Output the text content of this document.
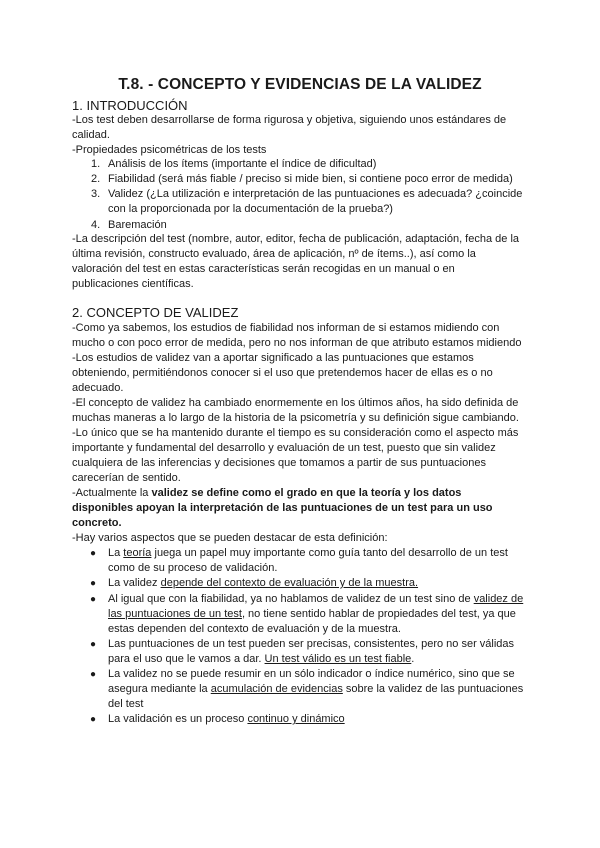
T.8. - CONCEPTO Y EVIDENCIAS DE LA VALIDEZ
1. INTRODUCCIÓN
-Los test deben desarrollarse de forma rigurosa y objetiva, siguiendo unos estándares de
calidad.
-Propiedades psicométricas de los tests
1. Análisis de los ítems (importante el índice de dificultad)
2. Fiabilidad (será más fiable / preciso si mide bien, si contiene poco error de medida)
3. Validez (¿La utilización e interpretación de las puntuaciones es adecuada? ¿coincide
con la proporcionada por la documentación de la prueba?)
4. Baremación
-La descripción del test (nombre, autor, editor, fecha de publicación, adaptación, fecha de la
última revisión, constructo evaluado, área de aplicación, nº de ítems..), así como la
valoración del test en estas características serán recogidas en un manual o en
publicaciones científicas.
2. CONCEPTO DE VALIDEZ
-Como ya sabemos, los estudios de fiabilidad nos informan de si estamos midiendo con
mucho o con poco error de medida, pero no nos informan de que atributo estamos midiendo
-Los estudios de validez van a aportar significado a las puntuaciones que estamos
obteniendo, permitiéndonos conocer si el uso que pretendemos hacer de ellas es o no
adecuado.
-El concepto de validez ha cambiado enormemente en los últimos años, ha sido definida de
muchas maneras a lo largo de la historia de la psicometría y su definición sigue cambiando.
-Lo único que se ha mantenido durante el tiempo es su consideración como el aspecto más
importante y fundamental del desarrollo y evaluación de un test, puesto que sin validez
cualquiera de las inferencias y decisiones que tomamos a partir de sus puntuaciones
carecerían de sentido.
-Actualmente la validez se define como el grado en que la teoría y los datos
disponibles apoyan la interpretación de las puntuaciones de un test para un uso
concreto.
-Hay varios aspectos que se pueden destacar de esta definición:
● La teoría juega un papel muy importante como guía tanto del desarrollo de un test
como de su proceso de validación.
● La validez depende del contexto de evaluación y de la muestra.
● Al igual que con la fiabilidad, ya no hablamos de validez de un test sino de validez de
las puntuaciones de un test, no tiene sentido hablar de propiedades del test, ya que
estas dependen del contexto de evaluación y de la muestra.
● Las puntuaciones de un test pueden ser precisas, consistentes, pero no ser válidas
para el uso que le vamos a dar. Un test válido es un test fiable.
● La validez no se puede resumir en un sólo indicador o índice numérico, sino que se
asegura mediante la acumulación de evidencias sobre la validez de las puntuaciones
del test
● La validación es un proceso continuo y dinámico
